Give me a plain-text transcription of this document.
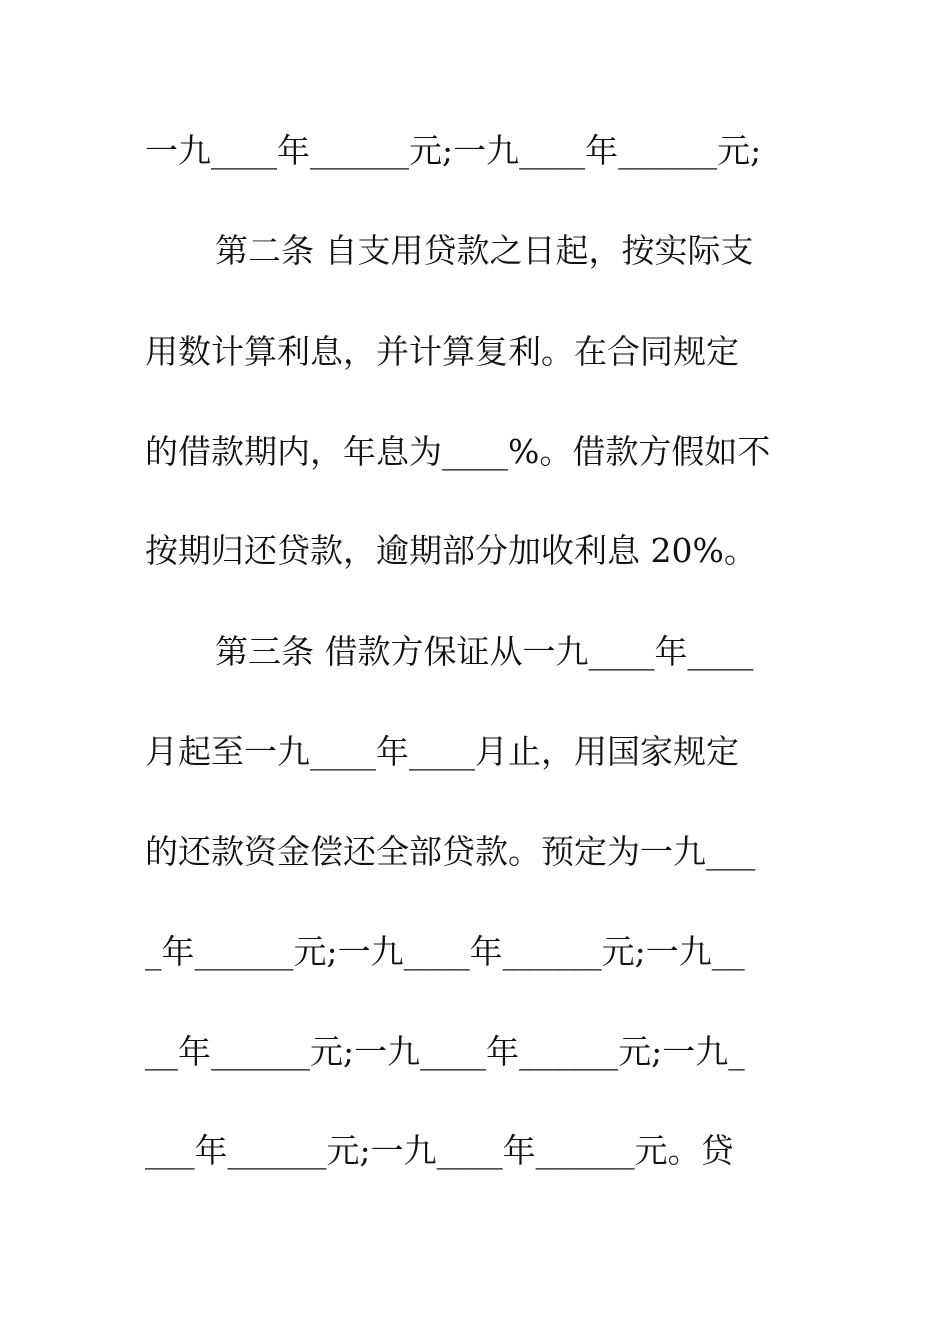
一九____年______元;一九____年______元;
第二条 自支用贷款之日起，按实际支
用数计算利息，并计算复利。在合同规定
的借款期内，年息为____%。借款方假如不
按期归还贷款，逾期部分加收利息 20%。
第三条 借款方保证从一九____年____
月起至一九____年____月止，用国家规定
的还款资金偿还全部贷款。预定为一九___
_年______元;一九____年______元;一九__
__年______元;一九____年______元;一九_
___年______元;一九____年______元。贷
